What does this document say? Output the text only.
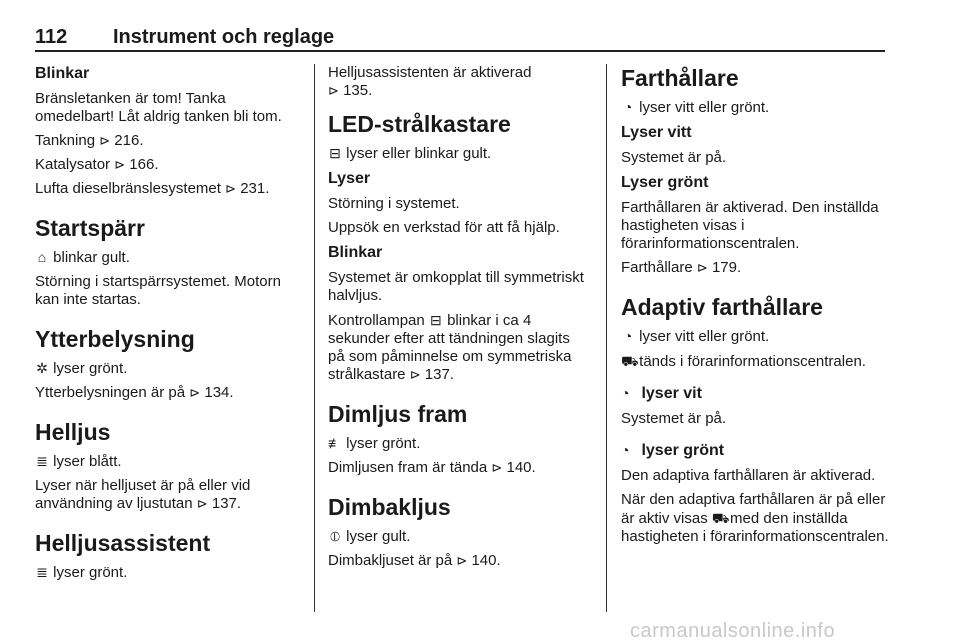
112 Instrument och reglage
Blinkar

Bränsletanken är tom! Tanka omedelbart! Låt aldrig tanken bli tom.

Tankning ⊳ 216.

Katalysator ⊳ 166.

Lufta dieselbränslesystemet ⊳ 231.

Startspärr

⌂ blinkar gult.

Störning i startspärrsystemet. Motorn kan inte startas.

Ytterbelysning

✲ lyser grönt.

Ytterbelysningen är på ⊳ 134.

Helljus

≣ lyser blått.

Lyser när helljuset är på eller vid användning av ljustutan ⊳ 137.

Helljusassistent

≣ lyser grönt.

Helljusassistenten är aktiverad
⊳ 135.

LED-strålkastare

⊟ lyser eller blinkar gult.

Lyser

Störning i systemet.

Uppsök en verkstad för att få hjälp.

Blinkar

Systemet är omkopplat till symmetriskt halvljus.

Kontrollampan ⊟ blinkar i ca 4 sekunder efter att tändningen slagits på som påminnelse om symmetriska strålkastare ⊳ 137.

Dimljus fram

≢ lyser grönt.

Dimljusen fram är tända ⊳ 140.

Dimbakljus

⦶ lyser gult.

Dimbakljuset är på ⊳ 140.

Farthållare

◔ lyser vitt eller grönt.

Lyser vitt

Systemet är på.

Lyser grönt

Farthållaren är aktiverad. Den inställda hastigheten visas i förarinformationscentralen.

Farthållare ⊳ 179.

Adaptiv farthållare

◔ lyser vitt eller grönt.

⛟ tänds i förarinformationscentralen.

◔ lyser vit

Systemet är på.

◔ lyser grönt

Den adaptiva farthållaren är aktiverad.

När den adaptiva farthållaren är på eller är aktiv visas ⛟ med den inställda hastigheten i förarinformationscentralen.

carmanualsonline.info
